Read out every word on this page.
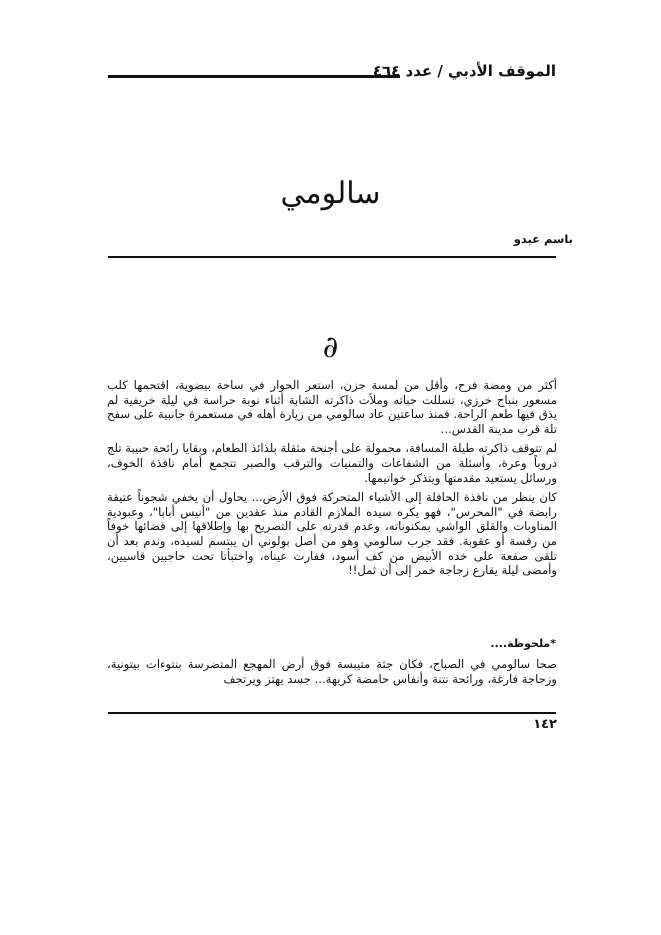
الموقف الأدبي / عدد ٤٦٤
سالومي
باسم عبدو
∂

أكثر من ومضة فرح، وأقل من لمسة حزن، استعر الحوار في ساحة بيضوية، اقتحمها كلب مسعور بنباح خرزي، تسللت حباته وملأت ذاكرته الشابة أثناء نوبة حراسة في ليلة خريفية لم يذق فيها طعم الراحة. فمنذ ساعتين عاد سالومي من زيارة أهله في مستعمرة جانبية على سفح تلة قرب مدينة القدس...

لم تتوقف ذاكرته طيلة المسافة، محمولة على أجنحة مثقلة بلذائذ الطعام، وبقايا رائحة حبيبة تلج دروباً وعرة، وأسئلة من الشفاعات والتمنيات والترقب والصبر تتجمع أمام نافذة الخوف، ورسائل يستعيد مقدمتها ويتذكر خواتيمها.

كان ينظر من نافذة الحافلة إلى الأشياء المتحركة فوق الأرض... يحاول أن يخفي شجوناً عتيقة رابضة في "المحرس"، فهو يكره سيده الملازم القادم منذ عقدين من "أنيس أبابا"، وعبودية المناوبات والقلق الواشي بمكنوناته، وعدم قدرته على التصريح بها وإطلاقها إلى فضائها خوفاً من رفسة أو عقوبة. فقد جرب سالومي وهو من أصل بولوني أن يبتسم لسيده، وندم بعد أن تلقى صفعة على خده الأبيض من كف أسود، ففارت عيناه، واختبأتا تحت حاجبين قاسيين، وأمضى ليلة يقارع زجاجة خمر إلى أن ثمل!!

*ملحوظة....
صحا سالومي في الصباح، فكان جثة متيبسة فوق أرض المهجع المتضرسة بنتوءات بيتونية، وزجاجة فارغة، ورائحة نتنة وأنفاس حامضة كريهة... جسد يهتز ويرتجف
١٤٢
